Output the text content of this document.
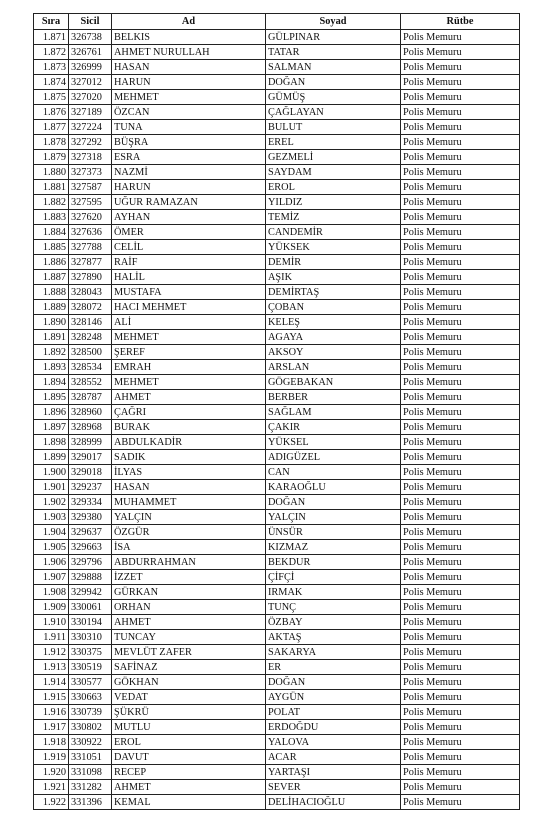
Sıra	Sicil	Ad	Soyad	Rütbe
1.871	326738	BELKIS	GÜLPINAR	Polis Memuru
1.872	326761	AHMET NURULLAH	TATAR	Polis Memuru
1.873	326999	HASAN	SALMAN	Polis Memuru
1.874	327012	HARUN	DOĞAN	Polis Memuru
1.875	327020	MEHMET	GÜMÜŞ	Polis Memuru
1.876	327189	ÖZCAN	ÇAĞLAYAN	Polis Memuru
1.877	327224	TUNA	BULUT	Polis Memuru
1.878	327292	BÜŞRA	EREL	Polis Memuru
1.879	327318	ESRA	GEZMELİ	Polis Memuru
1.880	327373	NAZMİ	SAYDAM	Polis Memuru
1.881	327587	HARUN	EROL	Polis Memuru
1.882	327595	UĞUR RAMAZAN	YILDIZ	Polis Memuru
1.883	327620	AYHAN	TEMİZ	Polis Memuru
1.884	327636	ÖMER	CANDEMİR	Polis Memuru
1.885	327788	CELİL	YÜKSEK	Polis Memuru
1.886	327877	RAİF	DEMİR	Polis Memuru
1.887	327890	HALİL	AŞIK	Polis Memuru
1.888	328043	MUSTAFA	DEMİRTAŞ	Polis Memuru
1.889	328072	HACI MEHMET	ÇOBAN	Polis Memuru
1.890	328146	ALİ	KELEŞ	Polis Memuru
1.891	328248	MEHMET	AGAYA	Polis Memuru
1.892	328500	ŞEREF	AKSOY	Polis Memuru
1.893	328534	EMRAH	ARSLAN	Polis Memuru
1.894	328552	MEHMET	GÖGEBAKAN	Polis Memuru
1.895	328787	AHMET	BERBER	Polis Memuru
1.896	328960	ÇAĞRI	SAĞLAM	Polis Memuru
1.897	328968	BURAK	ÇAKIR	Polis Memuru
1.898	328999	ABDULKADİR	YÜKSEL	Polis Memuru
1.899	329017	SADIK	ADIGÜZEL	Polis Memuru
1.900	329018	İLYAS	CAN	Polis Memuru
1.901	329237	HASAN	KARAOĞLU	Polis Memuru
1.902	329334	MUHAMMET	DOĞAN	Polis Memuru
1.903	329380	YALÇIN	YALÇIN	Polis Memuru
1.904	329637	ÖZGÜR	ÜNSÜR	Polis Memuru
1.905	329663	İSA	KIZMAZ	Polis Memuru
1.906	329796	ABDURRAHMAN	BEKDUR	Polis Memuru
1.907	329888	İZZET	ÇİFÇİ	Polis Memuru
1.908	329942	GÜRKAN	IRMAK	Polis Memuru
1.909	330061	ORHAN	TUNÇ	Polis Memuru
1.910	330194	AHMET	ÖZBAY	Polis Memuru
1.911	330310	TUNCAY	AKTAŞ	Polis Memuru
1.912	330375	MEVLÜT ZAFER	SAKARYA	Polis Memuru
1.913	330519	SAFİNAZ	ER	Polis Memuru
1.914	330577	GÖKHAN	DOĞAN	Polis Memuru
1.915	330663	VEDAT	AYGÜN	Polis Memuru
1.916	330739	ŞÜKRÜ	POLAT	Polis Memuru
1.917	330802	MUTLU	ERDOĞDU	Polis Memuru
1.918	330922	EROL	YALOVA	Polis Memuru
1.919	331051	DAVUT	ACAR	Polis Memuru
1.920	331098	RECEP	YARTAŞI	Polis Memuru
1.921	331282	AHMET	SEVER	Polis Memuru
1.922	331396	KEMAL	DELİHACIOĞLU	Polis Memuru
